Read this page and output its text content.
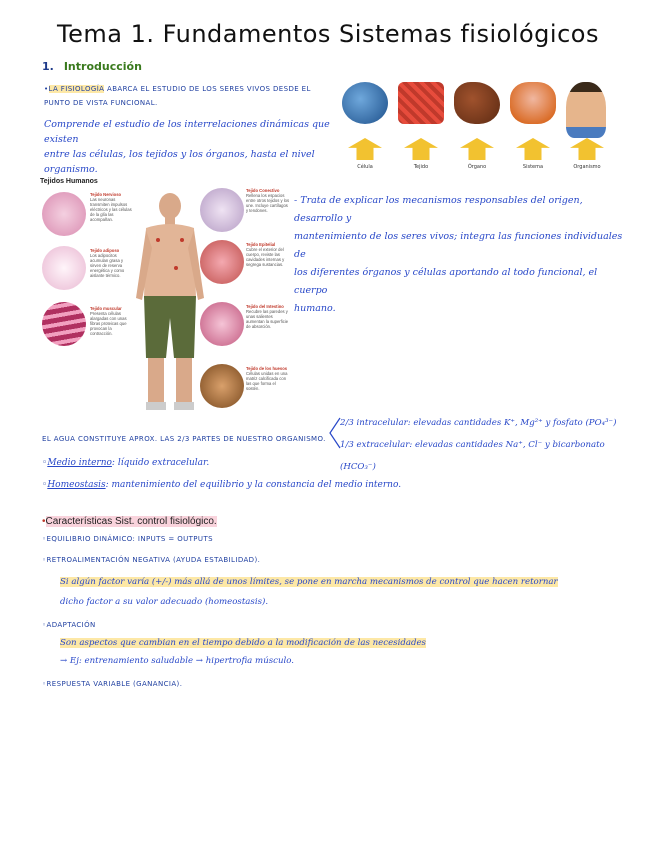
Tema 1. Fundamentos Sistemas fisiológicos
1. Introducción
•LA FISIOLOGÍA ABARCA EL ESTUDIO DE LOS SERES VIVOS DESDE EL
PUNTO DE VISTA FUNCIONAL.
Comprende el estudio de los interrelaciones dinámicas que existen
entre las células, los tejidos y los órganos, hasta el nivel
organismo.	Célula	Tejido	Órgano	Sistema	Organismo
Tejidos Humanos
Tejido Nervioso
Las neuronas transmiten impulsos eléctricos y las células de la glía las acompañan.
Tejido adiposo
Los adipocitos acumulan grasa y sirven de reserva energética y como aislante térmico.
Tejido muscular
Presenta células alargadas con unas fibras proteicas que provocan la contracción.
Tejido Conectivo
Rellena los espacios entre otros tejidos y los une. Incluye cartílagos y tendones.
Tejido Epitelial
Cubre el exterior del cuerpo, reviste las cavidades internas y segrega sustancias.
Tejido del Intestino
Recubre las paredes y unas salientes aumentan la superficie de absorción.
Tejido de los huesos
Células unidas en una matriz calcificada con las que forma el sostén.
- Trata de explicar los mecanismos responsables del origen, desarrollo y
mantenimiento de los seres vivos; integra las funciones individuales de
los diferentes órganos y células aportando al todo funcional, el cuerpo
humano.
EL AGUA CONSTITUYE APROX. LAS 2/3 PARTES DE NUESTRO ORGANISMO.
2/3 intracelular: elevadas cantidades K⁺, Mg²⁺ y fosfato (PO₄³⁻)
1/3 extracelular: elevadas cantidades Na⁺, Cl⁻ y bicarbonato (HCO₃⁻)
◦Medio interno: líquido extracelular.
◦Homeostasis: mantenimiento del equilibrio y la constancia del medio interno.
•Características Sist. control fisiológico.
◦EQUILIBRIO DINÁMICO: INPUTS = OUTPUTS
◦RETROALIMENTACIÓN NEGATIVA (AYUDA ESTABILIDAD).
Si algún factor varía (+/-) más allá de unos límites, se pone en marcha mecanismos de control que hacen retornar
dicho factor a su valor adecuado (homeostasis).
◦ADAPTACIÓN
Son aspectos que cambian en el tiempo debido a la modificación de las necesidades
→ Ej: entrenamiento saludable → hipertrofia músculo.
◦RESPUESTA VARIABLE (GANANCIA).
